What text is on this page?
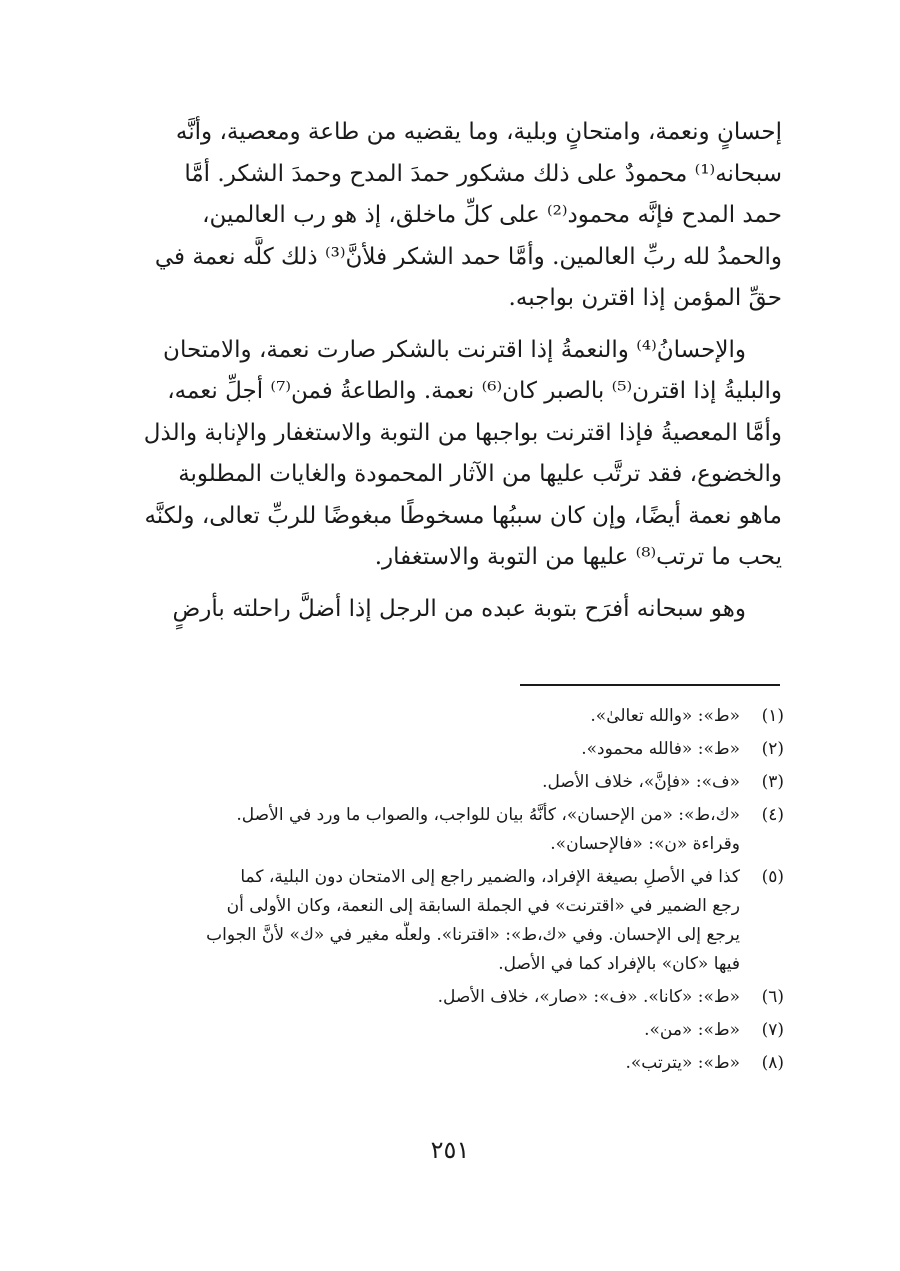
إحسانٍ ونعمة، وامتحانٍ وبلية، وما يقضيه من طاعة ومعصية، وأنَّه
سبحانه⁽¹⁾ محمودٌ على ذلك مشكور حمدَ المدح وحمدَ الشكر. أمَّا
حمد المدح فإنَّه محمود⁽²⁾ على كلِّ ماخلق، إذ هو رب العالمين،
والحمدُ لله ربِّ العالمين. وأمَّا حمد الشكر فلأنَّ⁽³⁾ ذلك كلَّه نعمة في
حقِّ المؤمن إذا اقترن بواجبه.

والإحسانُ⁽⁴⁾ والنعمةُ إذا اقترنت بالشكر صارت نعمة، والامتحان
والبليةُ إذا اقترن⁽⁵⁾ بالصبر كان⁽⁶⁾ نعمة. والطاعةُ فمن⁽⁷⁾ أجلِّ نعمه،
وأمَّا المعصيةُ فإذا اقترنت بواجبها من التوبة والاستغفار والإنابة والذل
والخضوع، فقد ترتَّب عليها من الآثار المحمودة والغايات المطلوبة
ماهو نعمة أيضًا، وإن كان سببُها مسخوطًا مبغوضًا للربِّ تعالى، ولكنَّه
يحب ما ترتب⁽⁸⁾ عليها من التوبة والاستغفار.

وهو سبحانه أفرَح بتوبة عبده من الرجل إذا أضلَّ راحلته بأرضٍ

(١)
«ط»: «والله تعالىٰ».
(٢)
«ط»: «فالله محمود».
(٣)
«ف»: «فإنَّ»، خلاف الأصل.
(٤)
«ك،ط»: «من الإحسان»، كأنَّهُ بيان للواجب، والصواب ما ورد في الأصل.
وقراءة «ن»: «فالإحسان».
(٥)
كذا في الأصلِ بصيغة الإفراد، والضمير راجع إلى الامتحان دون البلية، كما
رجع الضمير في «اقترنت» في الجملة السابقة إلى النعمة، وكان الأولى أن
يرجع إلى الإحسان. وفي «ك،ط»: «اقترنا». ولعلَّه مغير في «ك» لأنَّ الجواب
فيها «كان» بالإفراد كما في الأصل.
(٦)
«ط»: «كانا». «ف»: «صار»، خلاف الأصل.
(٧)
«ط»: «من».
(٨)
«ط»: «يترتب».
٢٥١
